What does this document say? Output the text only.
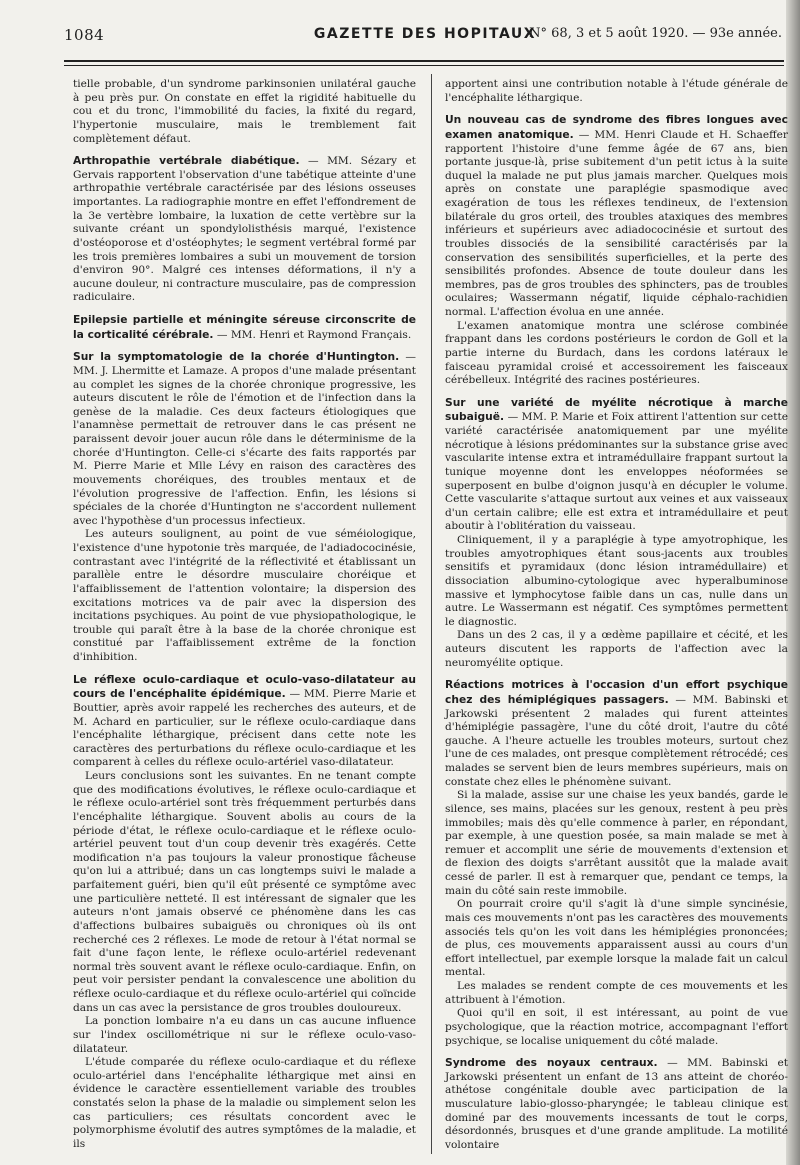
1084	GAZETTE DES HOPITAUX
N° 68, 3 et 5 août 1920. — 93e année.

tielle probable, d'un syndrome parkinsonien unilatéral gauche à peu près pur. On constate en effet la rigidité habituelle du cou et du tronc, l'immobilité du facies, la fixité du regard, l'hypertonie musculaire, mais le tremblement fait complètement défaut.

Arthropathie vertébrale diabétique. — MM. Sézary et Gervais rapportent l'observation d'une tabétique atteinte d'une arthropathie vertébrale caractérisée par des lésions osseuses importantes. La radiographie montre en effet l'effondrement de la 3e vertèbre lombaire, la luxation de cette vertèbre sur la suivante créant un spondylolisthésis marqué, l'existence d'ostéoporose et d'ostéophytes; le segment vertébral formé par les trois premières lombaires a subi un mouvement de torsion d'environ 90°. Malgré ces intenses déformations, il n'y a aucune douleur, ni contracture musculaire, pas de compression radiculaire.

Epilepsie partielle et méningite séreuse circonscrite de la corticalité cérébrale. — MM. Henri et Raymond Français.

Sur la symptomatologie de la chorée d'Huntington. — MM. J. Lhermitte et Lamaze. A propos d'une malade présentant au complet les signes de la chorée chronique progressive, les auteurs discutent le rôle de l'émotion et de l'infection dans la genèse de la maladie. Ces deux facteurs étiologiques que l'anamnèse permettait de retrouver dans le cas présent ne paraissent devoir jouer aucun rôle dans le déterminisme de la chorée d'Huntington. Celle-ci s'écarte des faits rapportés par M. Pierre Marie et Mlle Lévy en raison des caractères des mouvements choréiques, des troubles mentaux et de l'évolution progressive de l'affection. Enfin, les lésions si spéciales de la chorée d'Huntington ne s'accordent nullement avec l'hypothèse d'un processus infectieux.

Les auteurs soulignent, au point de vue séméiologique, l'existence d'une hypotonie très marquée, de l'adiadococinésie, contrastant avec l'intégrité de la réflectivité et établissant un parallèle entre le désordre musculaire choréique et l'affaiblissement de l'attention volontaire; la dispersion des excitations motrices va de pair avec la dispersion des incitations psychiques. Au point de vue physiopathologique, le trouble qui paraît être à la base de la chorée chronique est constitué par l'affaiblissement extrême de la fonction d'inhibition.

Le réflexe oculo-cardiaque et oculo-vaso-dilatateur au cours de l'encéphalite épidémique. — MM. Pierre Marie et Bouttier, après avoir rappelé les recherches des auteurs, et de M. Achard en particulier, sur le réflexe oculo-cardiaque dans l'encéphalite léthargique, précisent dans cette note les caractères des perturbations du réflexe oculo-cardiaque et les comparent à celles du réflexe oculo-artériel vaso-dilatateur.

Leurs conclusions sont les suivantes. En ne tenant compte que des modifications évolutives, le réflexe oculo-cardiaque et le réflexe oculo-artériel sont très fréquemment perturbés dans l'encéphalite léthargique. Souvent abolis au cours de la période d'état, le réflexe oculo-cardiaque et le réflexe oculo-artériel peuvent tout d'un coup devenir très exagérés. Cette modification n'a pas toujours la valeur pronostique fâcheuse qu'on lui a attribué; dans un cas longtemps suivi le malade a parfaitement guéri, bien qu'il eût présenté ce symptôme avec une particulière netteté. Il est intéressant de signaler que les auteurs n'ont jamais observé ce phénomène dans les cas d'affections bulbaires subaiguës ou chroniques où ils ont recherché ces 2 réflexes. Le mode de retour à l'état normal se fait d'une façon lente, le réflexe oculo-artériel redevenant normal très souvent avant le réflexe oculo-cardiaque. Enfin, on peut voir persister pendant la convalescence une abolition du réflexe oculo-cardiaque et du réflexe oculo-artériel qui coïncide dans un cas avec la persistance de gros troubles douloureux.

La ponction lombaire n'a eu dans un cas aucune influence sur l'index oscillométrique ni sur le réflexe oculo-vaso-dilatateur.

L'étude comparée du réflexe oculo-cardiaque et du réflexe oculo-artériel dans l'encéphalite léthargique met ainsi en évidence le caractère essentiellement variable des troubles constatés selon la phase de la maladie ou simplement selon les cas particuliers; ces résultats concordent avec le polymorphisme évolutif des autres symptômes de la maladie, et ils

apportent ainsi une contribution notable à l'étude générale de l'encéphalite léthargique.

Un nouveau cas de syndrome des fibres longues avec examen anatomique. — MM. Henri Claude et H. Schaeffer rapportent l'histoire d'une femme âgée de 67 ans, bien portante jusque-là, prise subitement d'un petit ictus à la suite duquel la malade ne put plus jamais marcher. Quelques mois après on constate une paraplégie spasmodique avec exagération de tous les réflexes tendineux, de l'extension bilatérale du gros orteil, des troubles ataxiques des membres inférieurs et supérieurs avec adiadococinésie et surtout des troubles dissociés de la sensibilité caractérisés par la conservation des sensibilités superficielles, et la perte des sensibilités profondes. Absence de toute douleur dans les membres, pas de gros troubles des sphincters, pas de troubles oculaires; Wassermann négatif, liquide céphalo-rachidien normal. L'affection évolua en une année.

L'examen anatomique montra une sclérose combinée frappant dans les cordons postérieurs le cordon de Goll et la partie interne du Burdach, dans les cordons latéraux le faisceau pyramidal croisé et accessoirement les faisceaux cérébelleux. Intégrité des racines postérieures.

Sur une variété de myélite nécrotique à marche subaiguë. — MM. P. Marie et Foix attirent l'attention sur cette variété caractérisée anatomiquement par une myélite nécrotique à lésions prédominantes sur la substance grise avec vascularite intense extra et intramédullaire frappant surtout la tunique moyenne dont les enveloppes néoformées se superposent en bulbe d'oignon jusqu'à en décupler le volume. Cette vascularite s'attaque surtout aux veines et aux vaisseaux d'un certain calibre; elle est extra et intramédullaire et peut aboutir à l'oblitération du vaisseau.

Cliniquement, il y a paraplégie à type amyotrophique, les troubles amyotrophiques étant sous-jacents aux troubles sensitifs et pyramidaux (donc lésion intramédullaire) et dissociation albumino-cytologique avec hyperalbuminose massive et lymphocytose faible dans un cas, nulle dans un autre. Le Wassermann est négatif. Ces symptômes permettent le diagnostic.

Dans un des 2 cas, il y a œdème papillaire et cécité, et les auteurs discutent les rapports de l'affection avec la neuromyélite optique.

Réactions motrices à l'occasion d'un effort psychique chez des hémiplégiques passagers. — MM. Babinski et Jarkowski présentent 2 malades qui furent atteintes d'hémiplégie passagère, l'une du côté droit, l'autre du côté gauche. A l'heure actuelle les troubles moteurs, surtout chez l'une de ces malades, ont presque complètement rétrocédé; ces malades se servent bien de leurs membres supérieurs, mais on constate chez elles le phénomène suivant.

Si la malade, assise sur une chaise les yeux bandés, garde le silence, ses mains, placées sur les genoux, restent à peu près immobiles; mais dès qu'elle commence à parler, en répondant, par exemple, à une question posée, sa main malade se met à remuer et accomplit une série de mouvements d'extension et de flexion des doigts s'arrêtant aussitôt que la malade avait cessé de parler. Il est à remarquer que, pendant ce temps, la main du côté sain reste immobile.

On pourrait croire qu'il s'agit là d'une simple syncinésie, mais ces mouvements n'ont pas les caractères des mouvements associés tels qu'on les voit dans les hémiplégies prononcées; de plus, ces mouvements apparaissent aussi au cours d'un effort intellectuel, par exemple lorsque la malade fait un calcul mental.

Les malades se rendent compte de ces mouvements et les attribuent à l'émotion.

Quoi qu'il en soit, il est intéressant, au point de vue psychologique, que la réaction motrice, accompagnant l'effort psychique, se localise uniquement du côté malade.

Syndrome des noyaux centraux. — MM. Babinski et Jarkowski présentent un enfant de 13 ans atteint de choréo-athétose congénitale double avec participation de la musculature labio-glosso-pharyngée; le tableau clinique est dominé par des mouvements incessants de tout le corps, désordonnés, brusques et d'une grande amplitude. La motilité volontaire
